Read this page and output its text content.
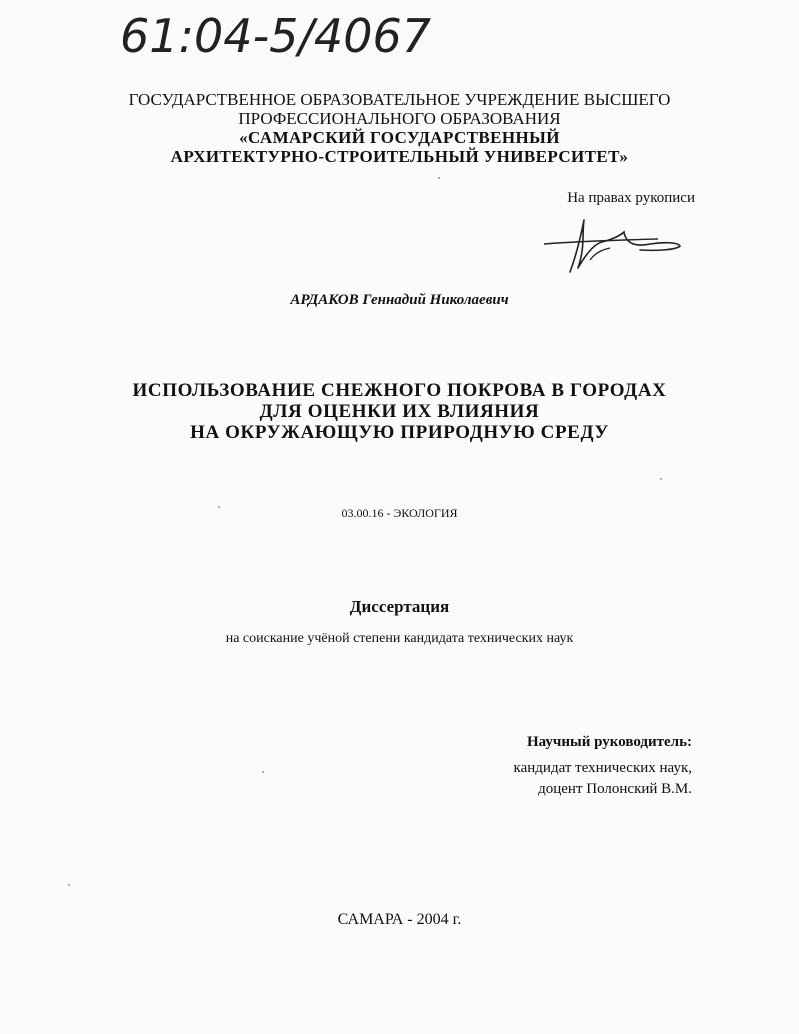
61:04-5/4067
ГОСУДАРСТВЕННОЕ ОБРАЗОВАТЕЛЬНОЕ УЧРЕЖДЕНИЕ ВЫСШЕГО
ПРОФЕССИОНАЛЬНОГО ОБРАЗОВАНИЯ
«САМАРСКИЙ ГОСУДАРСТВЕННЫЙ
АРХИТЕКТУРНО-СТРОИТЕЛЬНЫЙ УНИВЕРСИТЕТ»
На правах рукописи
АРДАКОВ Геннадий Николаевич
ИСПОЛЬЗОВАНИЕ СНЕЖНОГО ПОКРОВА В ГОРОДАХ
ДЛЯ ОЦЕНКИ ИХ ВЛИЯНИЯ
НА ОКРУЖАЮЩУЮ ПРИРОДНУЮ СРЕДУ
03.00.16 - ЭКОЛОГИЯ
Диссертация
на соискание учёной степени кандидата технических наук
Научный руководитель:
кандидат технических наук,
доцент Полонский В.М.
САМАРА - 2004 г.
